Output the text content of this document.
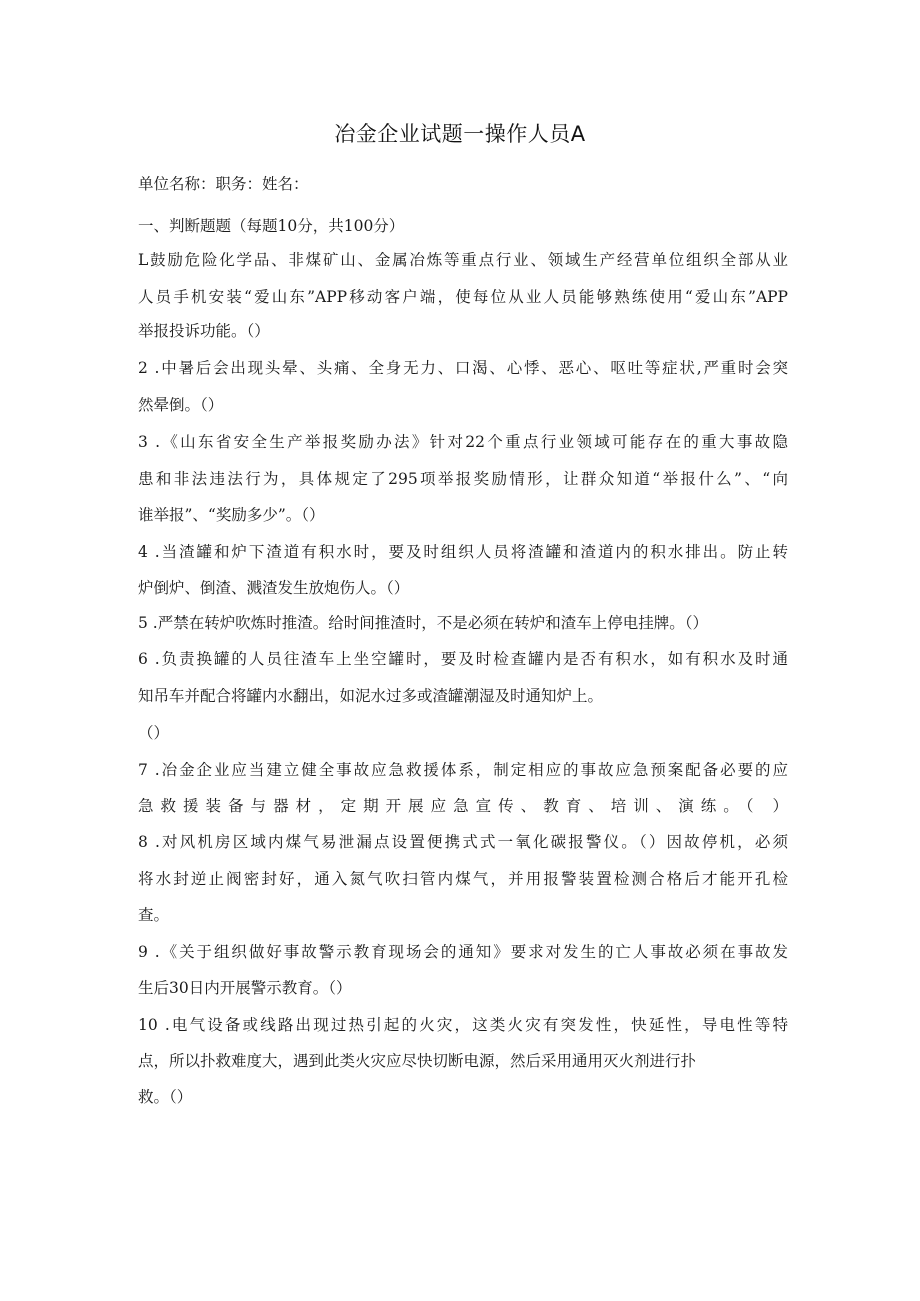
冶金企业试题一操作人员A
单位名称：职务：姓名：
一、判断题题（每题10分，共100分）
L鼓励危险化学品、非煤矿山、金属冶炼等重点行业、领域生产经营单位组织全部从业
人员手机安装“爱山东”APP移动客户端，使每位从业人员能够熟练使用“爱山东”APP
举报投诉功能。（）
2 .中暑后会出现头晕、头痛、全身无力、口渴、心悸、恶心、呕吐等症状,严重时会突
然晕倒。（）
3 .《山东省安全生产举报奖励办法》针对22个重点行业领域可能存在的重大事故隐
患和非法违法行为，具体规定了295项举报奖励情形，让群众知道“举报什么”、“向
谁举报”、“奖励多少”。（）
4 .当渣罐和炉下渣道有积水时，要及时组织人员将渣罐和渣道内的积水排出。防止转
炉倒炉、倒渣、溅渣发生放炮伤人。（）
5 .严禁在转炉吹炼时推渣。给时间推渣时，不是必须在转炉和渣车上停电挂牌。（）
6 .负责换罐的人员往渣车上坐空罐时，要及时检查罐内是否有积水，如有积水及时通
知吊车并配合将罐内水翻出，如泥水过多或渣罐潮湿及时通知炉上。
（）
7 .冶金企业应当建立健全事故应急救援体系，制定相应的事故应急预案配备必要的应
急救援装备与器材，定期开展应急宣传、教育、培训、演练。（ ）
8 .对风机房区域内煤气易泄漏点设置便携式式一氧化碳报警仪。（）因故停机，必须
将水封逆止阀密封好，通入氮气吹扫管内煤气，并用报警装置检测合格后才能开孔检
查。
9 .《关于组织做好事故警示教育现场会的通知》要求对发生的亡人事故必须在事故发
生后30日内开展警示教育。（）
10 .电气设备或线路出现过热引起的火灾，这类火灾有突发性，快延性，导电性等特
点，所以扑救难度大，遇到此类火灾应尽快切断电源，然后采用通用灭火剂进行扑
救。（）
